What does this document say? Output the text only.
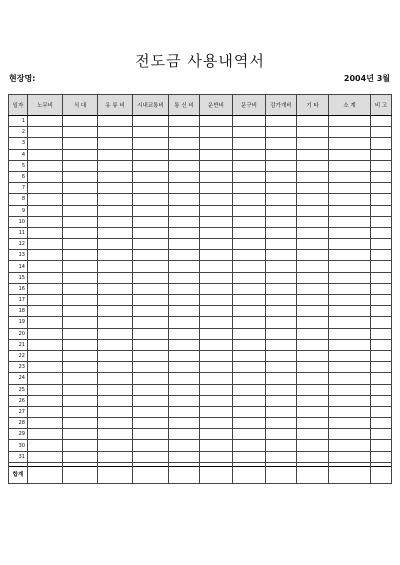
전도금 사용내역서
현장명:	2004년 3월
일자	노무비	식 대	유 류 비	시내교통비	통 신 비	운반비	문구비	감가개비	기 타	소 계	비 고
1											
2											
3											
4											
5											
6											
7											
8											
9											
10											
11											
12											
13											
14											
15											
16											
17											
18											
19											
20											
21											
22											
23											
24											
25											
26											
27											
28											
29											
30											
31											

합계											
